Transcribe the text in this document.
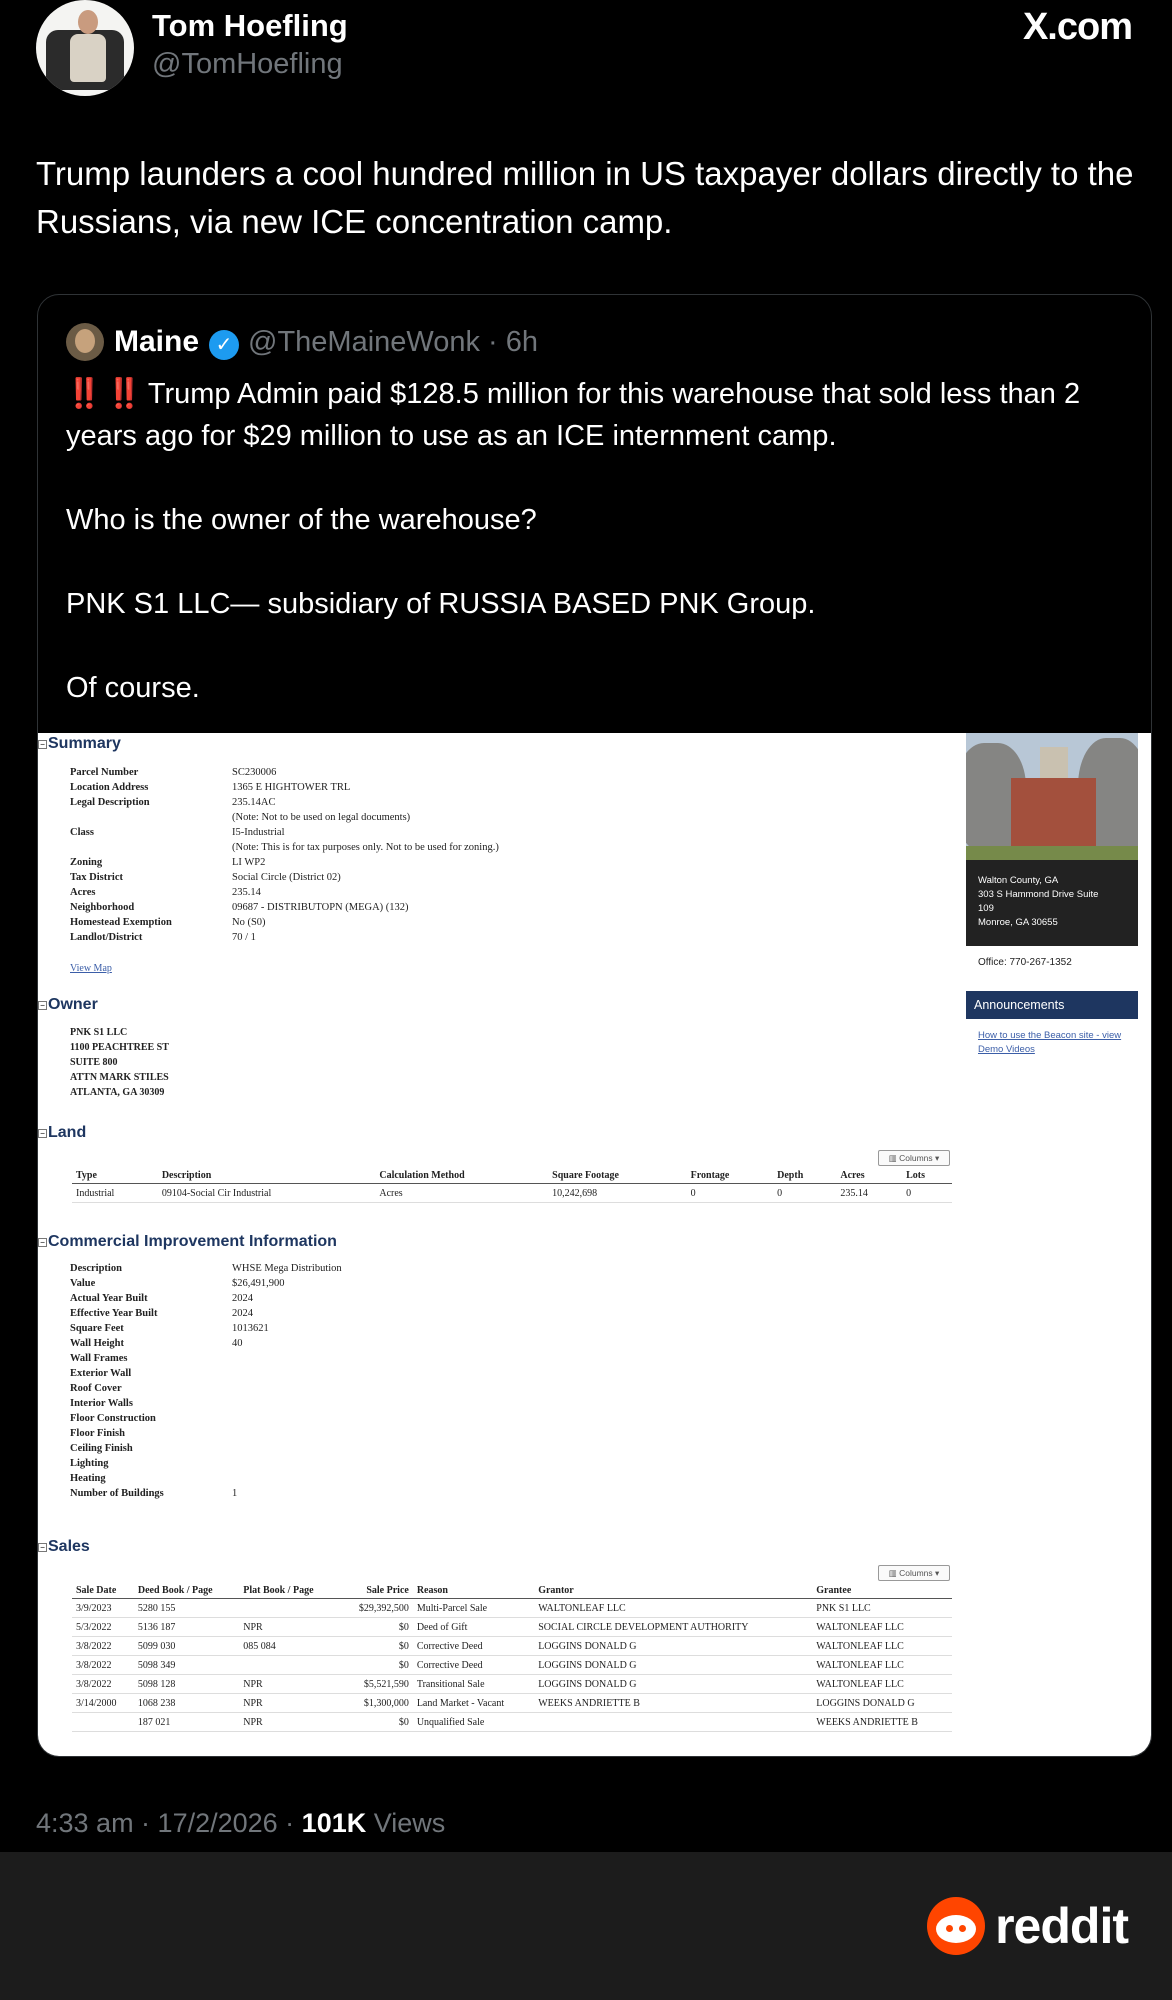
Tom Hoefling
@TomHoefling
X.com
Trump launders a cool hundred million in US taxpayer dollars directly to the Russians, via new ICE concentration camp.
Maine ✓ @TheMaineWonk · 6h

‼️ ‼️ Trump Admin paid $128.5 million for this warehouse that sold less than 2 years ago for $29 million to use as an ICE internment camp.

Who is the owner of the warehouse?

PNK S1 LLC— subsidiary of RUSSIA BASED PNK Group.

Of course.

− Summary
Parcel Number	SC230006
Location Address	1365 E HIGHTOWER TRL
Legal Description	235.14AC
(Note: Not to be used on legal documents)
Class	I5-Industrial
(Note: This is for tax purposes only. Not to be used for zoning.)
Zoning	LI WP2
Tax District	Social Circle (District 02)
Acres	235.14
Neighborhood	09687 - DISTRIBUTOPN (MEGA) (132)
Homestead Exemption	No (S0)
Landlot/District	70 / 1
View Map
− Owner
PNK S1 LLC
1100 PEACHTREE ST
SUITE 800
ATTN MARK STILES
ATLANTA, GA 30309
− Land
▥ Columns ▾
Type	Description	Calculation Method	Square Footage	Frontage	Depth	Acres	Lots
Industrial	09104-Social Cir Industrial	Acres	10,242,698	0	0	235.14	0
− Commercial Improvement Information
Description	WHSE Mega Distribution
Value	$26,491,900
Actual Year Built	2024
Effective Year Built	2024
Square Feet	1013621
Wall Height	40
Wall Frames
Exterior Wall
Roof Cover
Interior Walls
Floor Construction
Floor Finish
Ceiling Finish
Lighting
Heating
Number of Buildings	1
− Sales
▥ Columns ▾
Sale Date	Deed Book / Page	Plat Book / Page	Sale Price	Reason	Grantor	Grantee
3/9/2023	5280 155		$29,392,500	Multi-Parcel Sale	WALTONLEAF LLC	PNK S1 LLC
5/3/2022	5136 187	NPR	$0	Deed of Gift	SOCIAL CIRCLE DEVELOPMENT AUTHORITY	WALTONLEAF LLC
3/8/2022	5099 030	085 084	$0	Corrective Deed	LOGGINS DONALD G	WALTONLEAF LLC
3/8/2022	5098 349		$0	Corrective Deed	LOGGINS DONALD G	WALTONLEAF LLC
3/8/2022	5098 128	NPR	$5,521,590	Transitional Sale	LOGGINS DONALD G	WALTONLEAF LLC
3/14/2000	1068 238	NPR	$1,300,000	Land Market - Vacant	WEEKS ANDRIETTE B	LOGGINS DONALD G
	187 021	NPR	$0	Unqualified Sale		WEEKS ANDRIETTE B
Walton County, GA
303 S Hammond Drive Suite
109
Monroe, GA 30655
Office: 770-267-1352
Announcements
How to use the Beacon site - view Demo Videos
4:33 am · 17/2/2026 · 101K Views
reddit
